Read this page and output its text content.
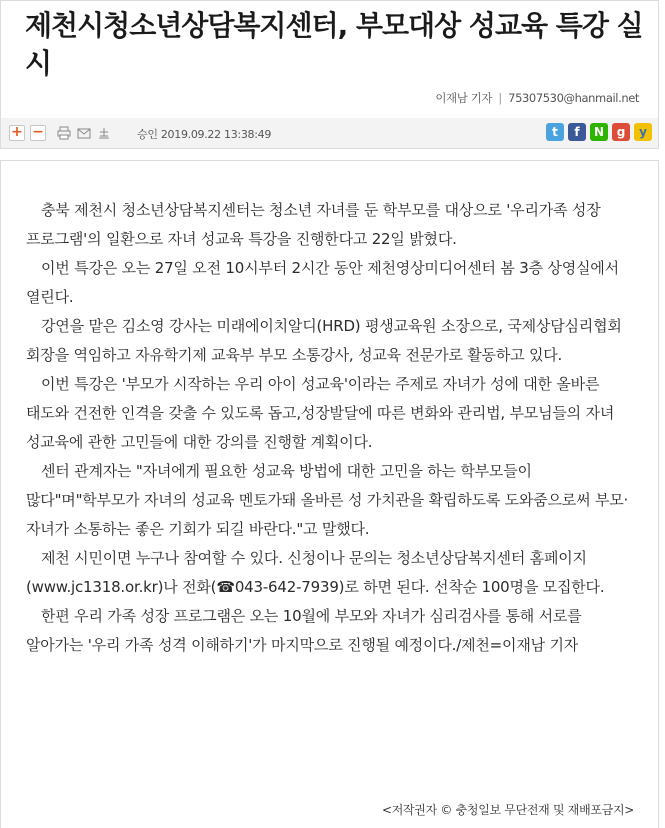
제천시청소년상담복지센터, 부모대상 성교육 특강 실시
이재남 기자 | 75307530@hanmail.net
+ −	승인 2019.09.22 13:38:49	t	f	N	g	y

충북 제천시 청소년상담복지센터는 청소년 자녀를 둔 학부모를 대상으로 '우리가족 성장 프로그램'의 일환으로 자녀 성교육 특강을 진행한다고 22일 밝혔다.

이번 특강은 오는 27일 오전 10시부터 2시간 동안 제천영상미디어센터 봄 3층 상영실에서 열린다.

강연을 맡은 김소영 강사는 미래에이치알디(HRD) 평생교육원 소장으로, 국제상담심리협회 회장을 역임하고 자유학기제 교육부 부모 소통강사, 성교육 전문가로 활동하고 있다.

이번 특강은 '부모가 시작하는 우리 아이 성교육'이라는 주제로 자녀가 성에 대한 올바른 태도와 건전한 인격을 갖출 수 있도록 돕고,성장발달에 따른 변화와 관리법, 부모님들의 자녀 성교육에 관한 고민들에 대한 강의를 진행할 계획이다.

센터 관계자는 "자녀에게 필요한 성교육 방법에 대한 고민을 하는 학부모들이 많다"며"학부모가 자녀의 성교육 멘토가돼 올바른 성 가치관을 확립하도록 도와줌으로써 부모·자녀가 소통하는 좋은 기회가 되길 바란다."고 말했다.

제천 시민이면 누구나 참여할 수 있다. 신청이나 문의는 청소년상담복지센터 홈페이지(www.jc1318.or.kr)나 전화(☎043-642-7939)로 하면 된다. 선착순 100명을 모집한다.

한편 우리 가족 성장 프로그램은 오는 10월에 부모와 자녀가 심리검사를 통해 서로를 알아가는 '우리 가족 성격 이해하기'가 마지막으로 진행될 예정이다./제천=이재남 기자

<저작권자 © 충청일보 무단전재 및 재배포금지>
